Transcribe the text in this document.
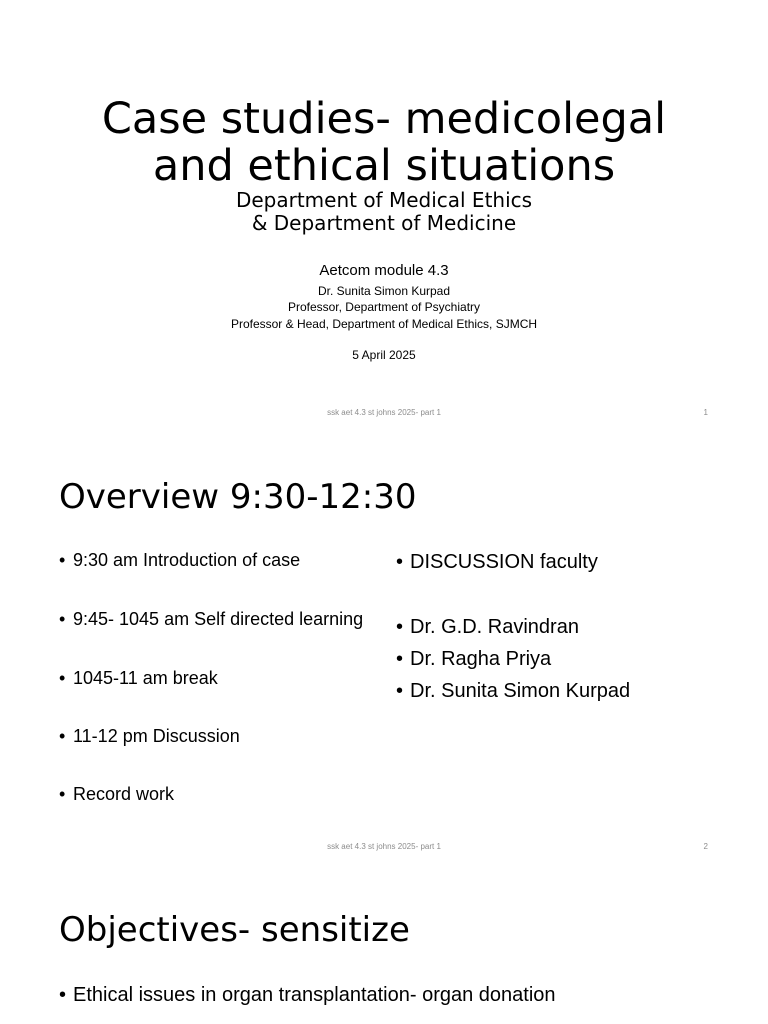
Case studies- medicolegal
and ethical situations
Department of Medical Ethics
& Department of Medicine
Aetcom module 4.3
Dr. Sunita Simon Kurpad
Professor, Department of Psychiatry
Professor & Head, Department of Medical Ethics, SJMCH
5 April 2025
ssk aet 4.3 st johns 2025- part 1	1
Overview 9:30-12:30
• 9:30 am Introduction of case
• 9:45- 1045 am Self directed learning
• 1045-11 am break
• 11-12 pm Discussion
• Record work
• DISCUSSION faculty
• Dr. G.D. Ravindran
• Dr. Ragha Priya
• Dr. Sunita Simon Kurpad
ssk aet 4.3 st johns 2025- part 1	2
Objectives- sensitize
• Ethical issues in organ transplantation- organ donation
